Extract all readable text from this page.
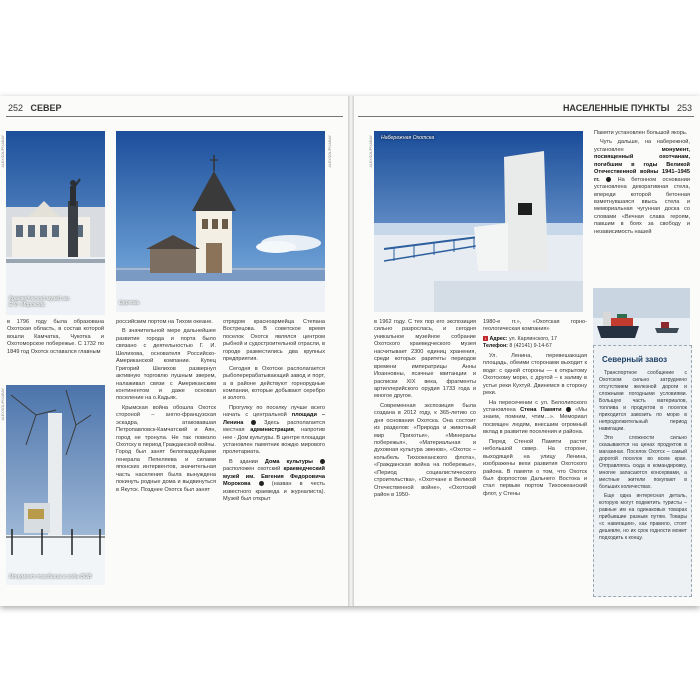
252 СЕВЕР	НАСЕЛЕННЫЕ ПУНКТЫ 253
Краеведческий музей им. Е.Ф. Морокова
ALEXSOL/PIXABAY
Церковь
ALEXSOL/PIXABAY
Монумент погибшим в годы ВОВ
ALEXSOL/PIXABAY

в 1796 году была образована Охотская область, в состав которой вошли Камчатка, Чукотка и Охотоморское побережье. С 1732 по 1849 год Охотск оставался главным

российским портом на Тихом океане.

В значительной мере дальнейшее развитие города и порта было связано с деятельностью Г. И. Шелихова, основателя Российско-Американской компании. Купец Григорий Шелихов развернул активную торговлю пушным зверем, налаживал связи с Американским континентом и даже основал поселение на о.Кадьяк.

Крымская война обошла Охотск стороной – англо-французская эскадра, атаковавшая Петропавловск-Камчатский и Аян, город не тронула. Не так повезло Охотску в период Гражданской войны. Город был занят белогвардейцами генерала Пепеляева и силами японских интервентов, значительная часть населения была вынуждена покинуть родные дома и выдвинуться в Якутск. Позднее Охотск был занят

отрядом красноармейца Степана Вострецова. В советское время поселок Охотск являлся центром рыбной и судостроительной отрасли, в городе разместились два крупных предприятия.

Сегодня в Охотске располагается рыбоперерабатывающий завод и порт, а в районе действуют горнорудные компании, которые добывают серебро и золото.

Прогулку по поселку лучше всего начать с центральной площади – Ленина	1 Здесь располагается местная администрация, напротив нее - Дом культуры. В центре площади установлен памятник вождю мирового пролетариата.

В здании Дома культуры	2 расположен охотский краеведческий музей им. Евгения Федоровича Морокова	3 (назван в честь известного краеведа и журналиста). Музей был открыт

Набережная Охотска
ALEXSOL/PIXABAY

Памяти установлен большой якорь.

Чуть дальше, на набережной, установлен	монумент, посвященный охотчанам, погибшим в годы Великой Отечественной войны 1941–1945 гг.	5 На бетонном основании установлена декоративная стела, впереди которой бетонная взметнувшаяся ввысь стела и мемориальная чугунная доска со словами «Вечная слава героям, павшим в боях за свободу и независимость нашей

в 1962 году. С тех пор его экспозиция сильно разрослась, и сегодня уникальное музейное собрание Охотского краеведческого музея насчитывает 2300 единиц хранения, среди которых раритеты периодов времени императрицы Анны Иоанновны, ясачные квитанции и расписки XIX века, фрагменты артиллерийского орудия 1733 года и многое другое.

Современная экспозиция была создана в 2012 году, к 365-летию со дня основания Охотска. Она состоит из разделов: «Природа и животный мир Прихотья», «Минералы побережья», «Материальная и духовная культура эвенов», «Охотск – колыбель Тихоокеанского флота», «Гражданская война на побережье», «Период социалистического строительства», «Охотчане в Великой Отечественной войне», «Охотский район в 1950-

1980-е гг.», «Охотская горно-геологическая компания»

i Адрес: ул. Карлинского, 17
Телефон: 8 (42141) 9-14-67

Ул. Ленина, перевешающая площадь, обеими сторонами выходит к воде: с одной стороны — к открытому Охотскому морю, с другой – к заливу в устье реки Кухтуй. Двинемся в сторону реки.

На пересечении с ул. Белолипского установлена Стена Памяти	4 «Мы знаем, помним, чтим…». Мемориал посвящен людям, внесшим огромный вклад в развитие поселения и района.

Перед Стеной Памяти растет небольшой сквер. На стороне, выходящей на улицу Ленина, изображены вехи развития Охотского района. В памяти о том, что Охотск был форпостом Дальнего Востока и стал первым портом Тихоокеанский флот, у Стены

Северный завоз

Транспортное сообщение с Охотском сильно затруднено отсутствием железной дороги и сложными погодными условиями. Большую часть материалов, топлива и продуктов в поселок приходится завозить по морю в непродолжительный период навигации.

Эти сложности сильно сказываются на ценах продуктов в магазинах. Поселок Охотск – самый дорогой поселок во всем крае. Отправляясь сюда в командировку, многие запасаются консервами, а местные жители покупают в больших количествах.

Еще одна интересная деталь, которую могут подметить туристы – равные им на одинаковых товарах прибывшие разным путям. Товары «с навигации», как правило, стоят дешевле, но их срок годности может подходить к концу.
